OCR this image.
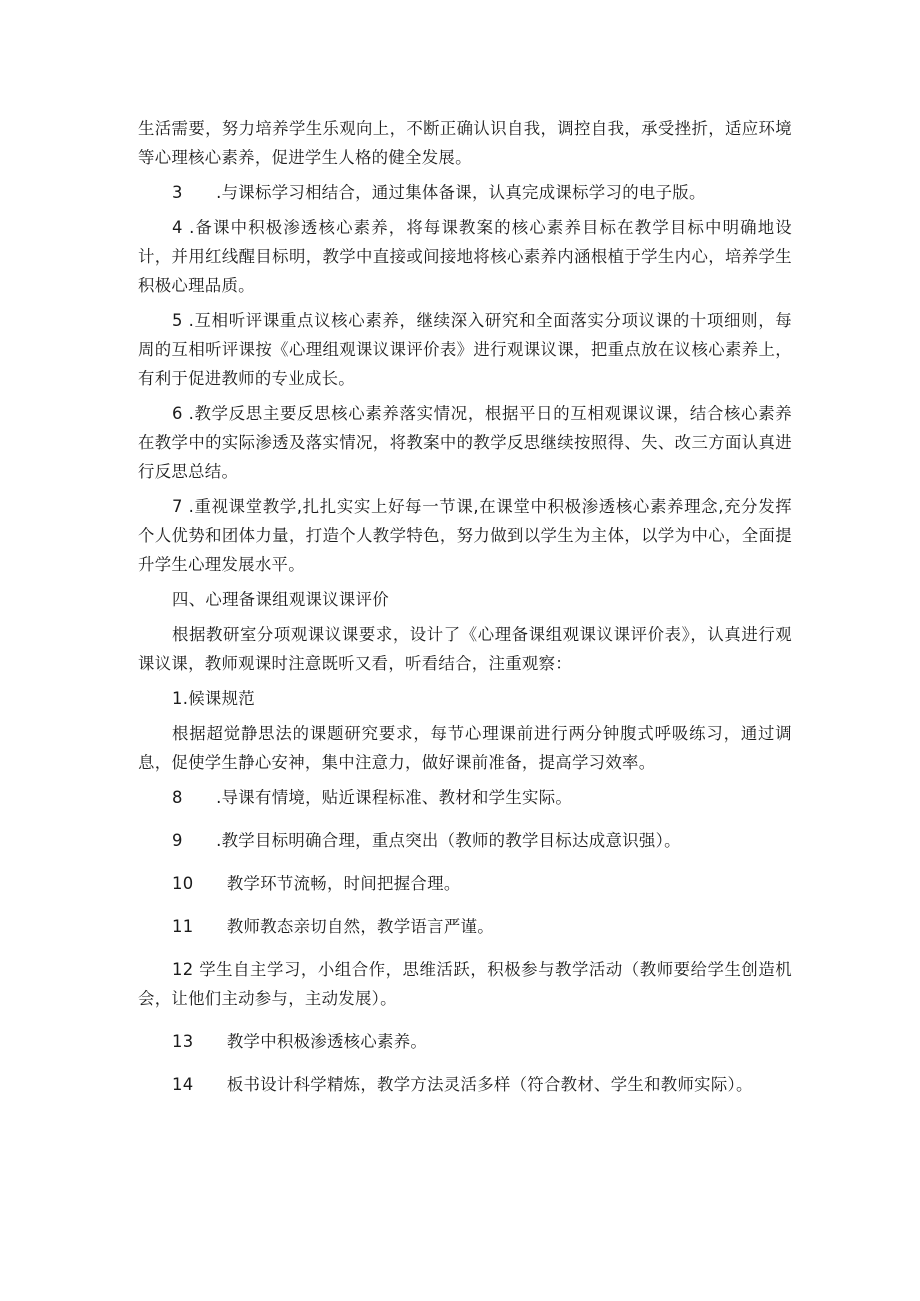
生活需要，努力培养学生乐观向上，不断正确认识自我，调控自我，承受挫折，适应环境等心理核心素养，促进学生人格的健全发展。

3　　.与课标学习相结合，通过集体备课，认真完成课标学习的电子版。

4 .备课中积极渗透核心素养，将每课教案的核心素养目标在教学目标中明确地设计，并用红线醒目标明，教学中直接或间接地将核心素养内涵根植于学生内心，培养学生积极心理品质。

5 .互相听评课重点议核心素养，继续深入研究和全面落实分项议课的十项细则，每周的互相听评课按《心理组观课议课评价表》进行观课议课，把重点放在议核心素养上，有利于促进教师的专业成长。

6 .教学反思主要反思核心素养落实情况，根据平日的互相观课议课，结合核心素养在教学中的实际渗透及落实情况，将教案中的教学反思继续按照得、失、改三方面认真进行反思总结。

7 .重视课堂教学,扎扎实实上好每一节课,在课堂中积极渗透核心素养理念,充分发挥个人优势和团体力量，打造个人教学特色，努力做到以学生为主体，以学为中心，全面提升学生心理发展水平。

四、心理备课组观课议课评价

根据教研室分项观课议课要求，设计了《心理备课组观课议课评价表》，认真进行观课议课，教师观课时注意既听又看，听看结合，注重观察：

1.候课规范

根据超觉静思法的课题研究要求，每节心理课前进行两分钟腹式呼吸练习，通过调息，促使学生静心安神，集中注意力，做好课前准备，提高学习效率。

8　　.导课有情境，贴近课程标准、教材和学生实际。

9　　.教学目标明确合理，重点突出（教师的教学目标达成意识强）。

10　　教学环节流畅，时间把握合理。

11　　教师教态亲切自然，教学语言严谨。

12 学生自主学习，小组合作，思维活跃，积极参与教学活动（教师要给学生创造机会，让他们主动参与，主动发展）。

13　　教学中积极渗透核心素养。

14　　板书设计科学精炼，教学方法灵活多样（符合教材、学生和教师实际）。
